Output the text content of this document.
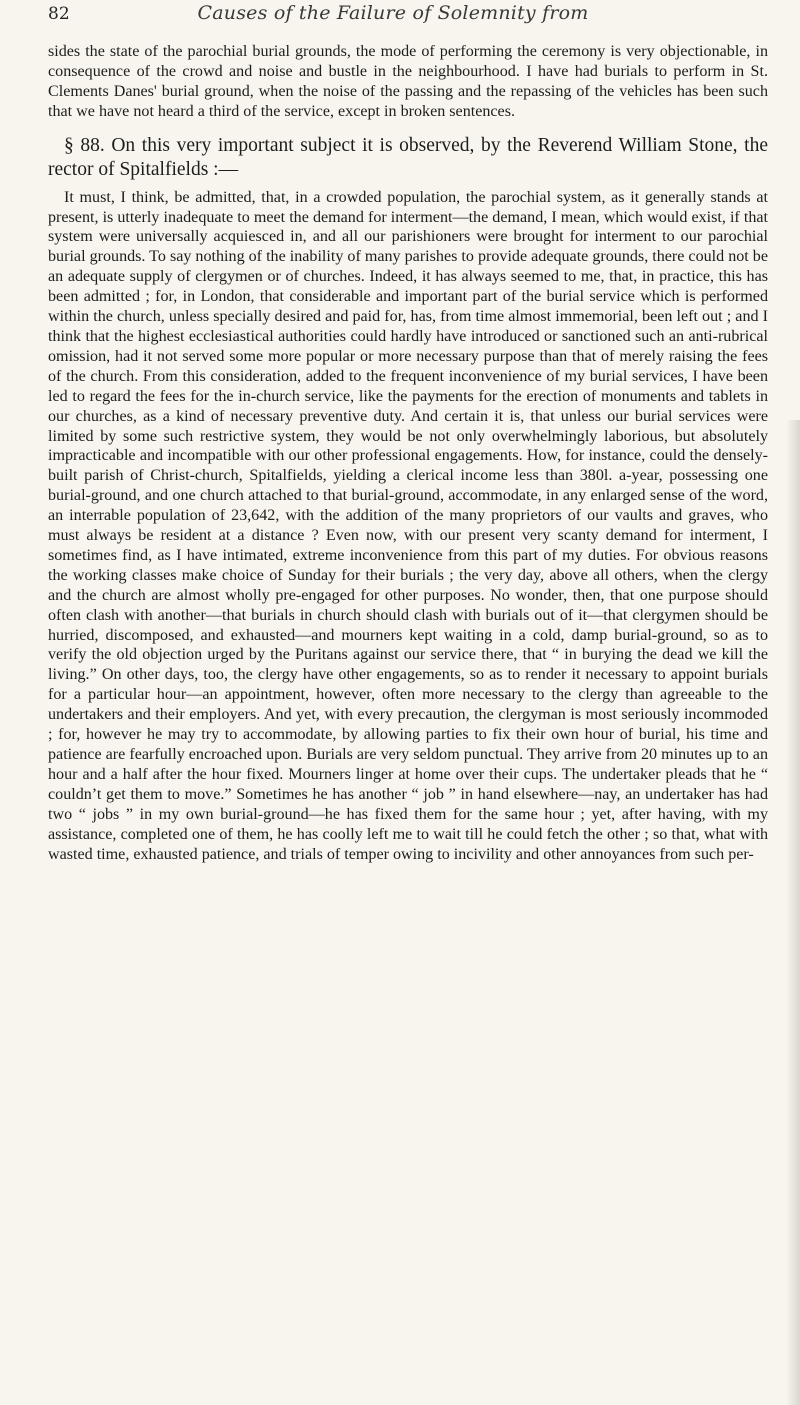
82	Causes of the Failure of Solemnity from

sides the state of the parochial burial grounds, the mode of performing the ceremony is very objectionable, in consequence of the crowd and noise and bustle in the neighbourhood. I have had burials to perform in St. Clements Danes' burial ground, when the noise of the passing and the repassing of the vehicles has been such that we have not heard a third of the service, except in broken sentences.

§ 88. On this very important subject it is observed, by the Reverend William Stone, the rector of Spitalfields :—

It must, I think, be admitted, that, in a crowded population, the parochial system, as it generally stands at present, is utterly inadequate to meet the demand for interment—the demand, I mean, which would exist, if that system were universally acquiesced in, and all our parishioners were brought for interment to our parochial burial grounds. To say nothing of the inability of many parishes to provide adequate grounds, there could not be an adequate supply of clergymen or of churches. Indeed, it has always seemed to me, that, in practice, this has been admitted ; for, in London, that considerable and important part of the burial service which is performed within the church, unless specially desired and paid for, has, from time almost immemorial, been left out ; and I think that the highest ecclesiastical authorities could hardly have introduced or sanctioned such an anti-rubrical omission, had it not served some more popular or more necessary purpose than that of merely raising the fees of the church. From this consideration, added to the frequent inconvenience of my burial services, I have been led to regard the fees for the in-church service, like the payments for the erection of monuments and tablets in our churches, as a kind of necessary preventive duty. And certain it is, that unless our burial services were limited by some such restrictive system, they would be not only overwhelmingly laborious, but absolutely impracticable and incompatible with our other professional engagements. How, for instance, could the densely-built parish of Christ-church, Spitalfields, yielding a clerical income less than 380l. a-year, possessing one burial-ground, and one church attached to that burial-ground, accommodate, in any enlarged sense of the word, an interrable population of 23,642, with the addition of the many proprietors of our vaults and graves, who must always be resident at a distance ? Even now, with our present very scanty demand for interment, I sometimes find, as I have intimated, extreme inconvenience from this part of my duties. For obvious reasons the working classes make choice of Sunday for their burials ; the very day, above all others, when the clergy and the church are almost wholly pre-engaged for other purposes. No wonder, then, that one purpose should often clash with another—that burials in church should clash with burials out of it—that clergymen should be hurried, discomposed, and exhausted—and mourners kept waiting in a cold, damp burial-ground, so as to verify the old objection urged by the Puritans against our service there, that “ in burying the dead we kill the living.” On other days, too, the clergy have other engagements, so as to render it necessary to appoint burials for a particular hour—an appointment, however, often more necessary to the clergy than agreeable to the undertakers and their employers. And yet, with every precaution, the clergyman is most seriously incommoded ; for, however he may try to accommodate, by allowing parties to fix their own hour of burial, his time and patience are fearfully encroached upon. Burials are very seldom punctual. They arrive from 20 minutes up to an hour and a half after the hour fixed. Mourners linger at home over their cups. The undertaker pleads that he “ couldn’t get them to move.” Sometimes he has another “ job ” in hand elsewhere—nay, an undertaker has had two “ jobs ” in my own burial-ground—he has fixed them for the same hour ; yet, after having, with my assistance, completed one of them, he has coolly left me to wait till he could fetch the other ; so that, what with wasted time, exhausted patience, and trials of temper owing to incivility and other annoyances from such per-
